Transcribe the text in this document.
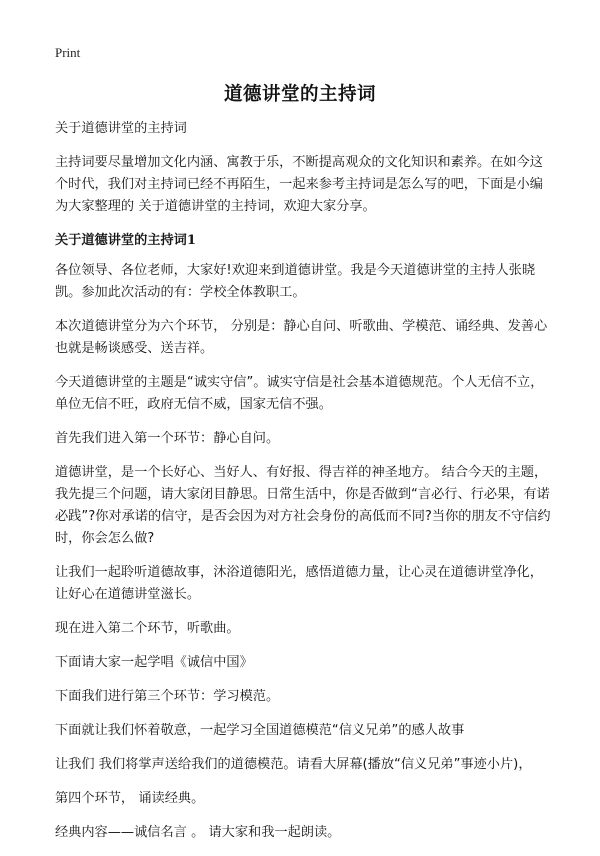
Print
道德讲堂的主持词

关于道德讲堂的主持词

主持词要尽量增加文化内涵、寓教于乐，不断提高观众的文化知识和素养。在如今这个时代，我们对主持词已经不再陌生，一起来参考主持词是怎么写的吧，下面是小编为大家整理的 关于道德讲堂的主持词，欢迎大家分享。

关于道德讲堂的主持词1

各位领导、各位老师，大家好!欢迎来到道德讲堂。我是今天道德讲堂的主持人张晓凯。参加此次活动的有：学校全体教职工。

本次道德讲堂分为六个环节， 分别是：静心自问、听歌曲、学模范、诵经典、发善心也就是畅谈感受、送吉祥。

今天道德讲堂的主题是“诚实守信”。诚实守信是社会基本道德规范。个人无信不立，单位无信不旺，政府无信不威，国家无信不强。

首先我们进入第一个环节：静心自问。

道德讲堂，是一个长好心、当好人、有好报、得吉祥的神圣地方。 结合今天的主题，我先提三个问题，请大家闭目静思。日常生活中，你是否做到“言必行、行必果，有诺必践”?你对承诺的信守，是否会因为对方社会身份的高低而不同?当你的朋友不守信约时，你会怎么做?

让我们一起聆听道德故事，沐浴道德阳光，感悟道德力量，让心灵在道德讲堂净化，让好心在道德讲堂滋长。

现在进入第二个环节，听歌曲。

下面请大家一起学唱《诚信中国》

下面我们进行第三个环节：学习模范。

下面就让我们怀着敬意，一起学习全国道德模范“信义兄弟”的感人故事

让我们 我们将掌声送给我们的道德模范。请看大屏幕(播放“信义兄弟”事迹小片)，

第四个环节， 诵读经典。

经典内容——诚信名言 。 请大家和我一起朗读。
